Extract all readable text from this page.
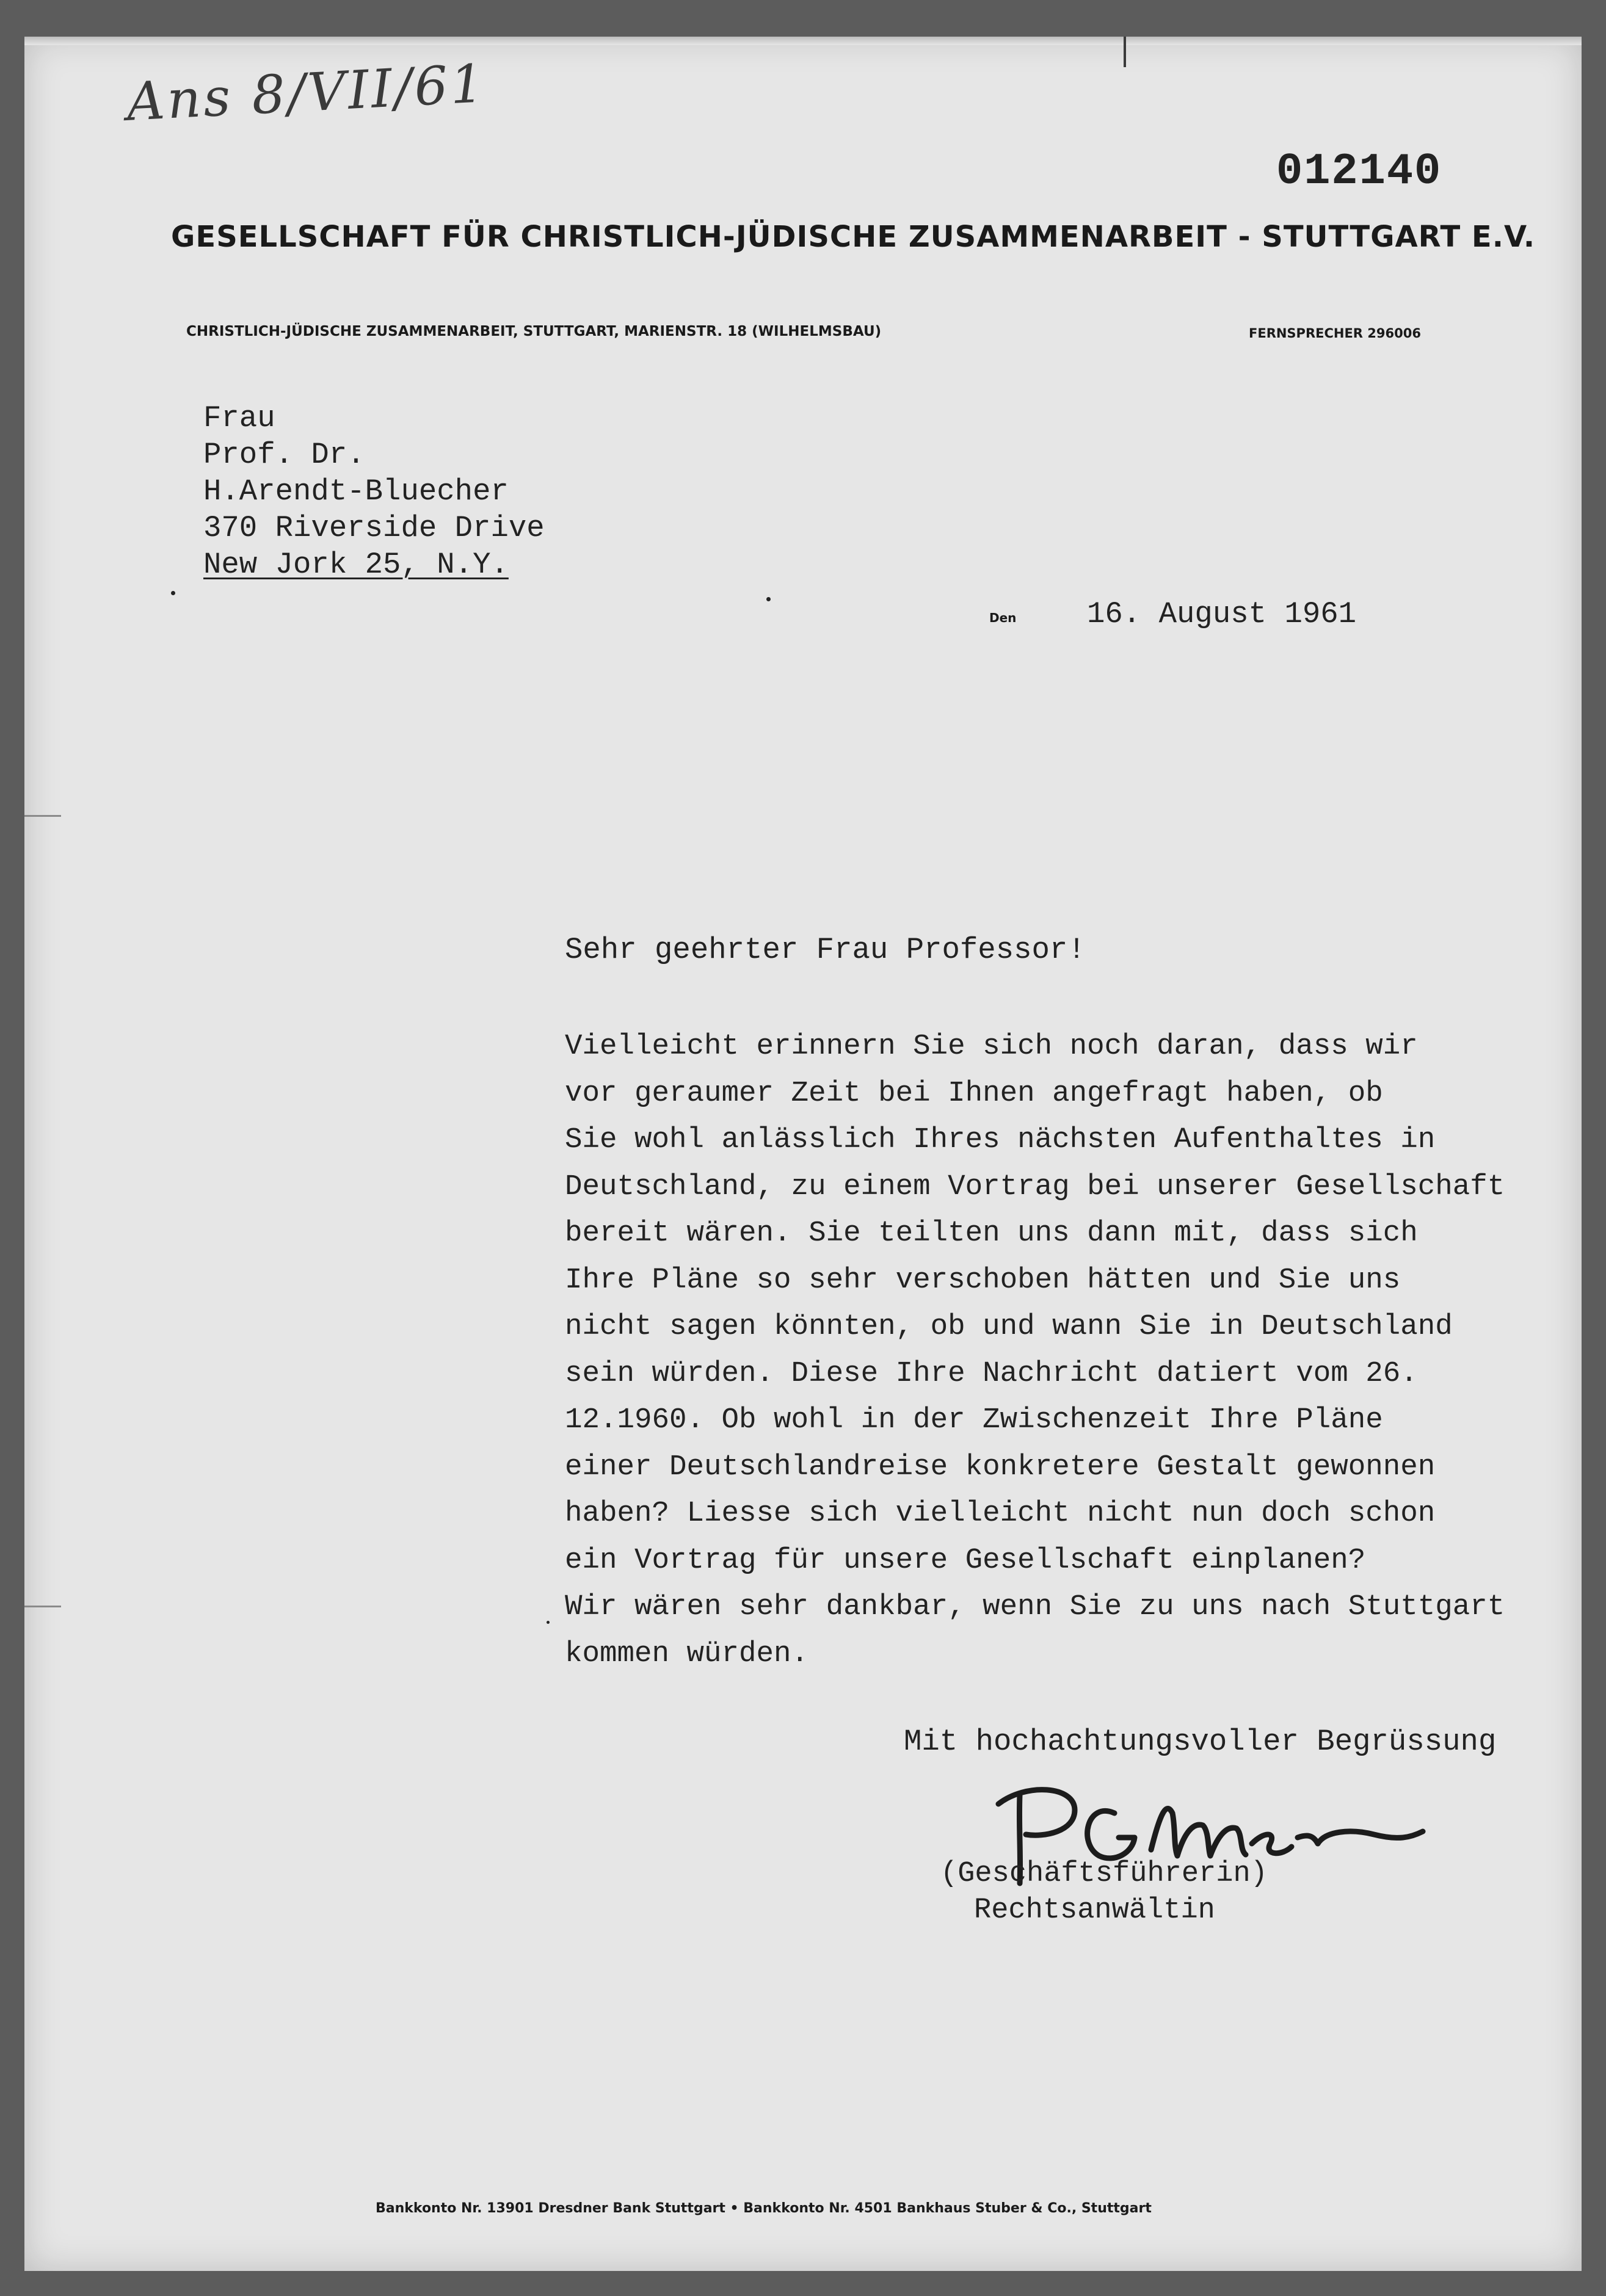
Ans 8/VII/61
012140
GESELLSCHAFT FÜR CHRISTLICH-JÜDISCHE ZUSAMMENARBEIT - STUTTGART E.V.
CHRISTLICH-JÜDISCHE ZUSAMMENARBEIT, STUTTGART, MARIENSTR. 18 (WILHELMSBAU)	FERNSPRECHER 296006
Frau
Prof. Dr.
H.Arendt-Bluecher
370 Riverside Drive
New Jork 25, N.Y.
Den 16. August 1961
Sehr geehrter Frau Professor!
Vielleicht erinnern Sie sich noch daran, dass wir
vor geraumer Zeit bei Ihnen angefragt haben, ob
Sie wohl anlässlich Ihres nächsten Aufenthaltes in
Deutschland, zu einem Vortrag bei unserer Gesellschaft
bereit wären. Sie teilten uns dann mit, dass sich
Ihre Pläne so sehr verschoben hätten und Sie uns
nicht sagen könnten, ob und wann Sie in Deutschland
sein würden. Diese Ihre Nachricht datiert vom 26.
12.1960. Ob wohl in der Zwischenzeit Ihre Pläne
einer Deutschlandreise konkretere Gestalt gewonnen
haben? Liesse sich vielleicht nicht nun doch schon
ein Vortrag für unsere Gesellschaft einplanen?
Wir wären sehr dankbar, wenn Sie zu uns nach Stuttgart
kommen würden.
Mit hochachtungsvoller Begrüssung
(Geschäftsführerin)
Rechtsanwältin
Bankkonto Nr. 13901 Dresdner Bank Stuttgart • Bankkonto Nr. 4501 Bankhaus Stuber & Co., Stuttgart
